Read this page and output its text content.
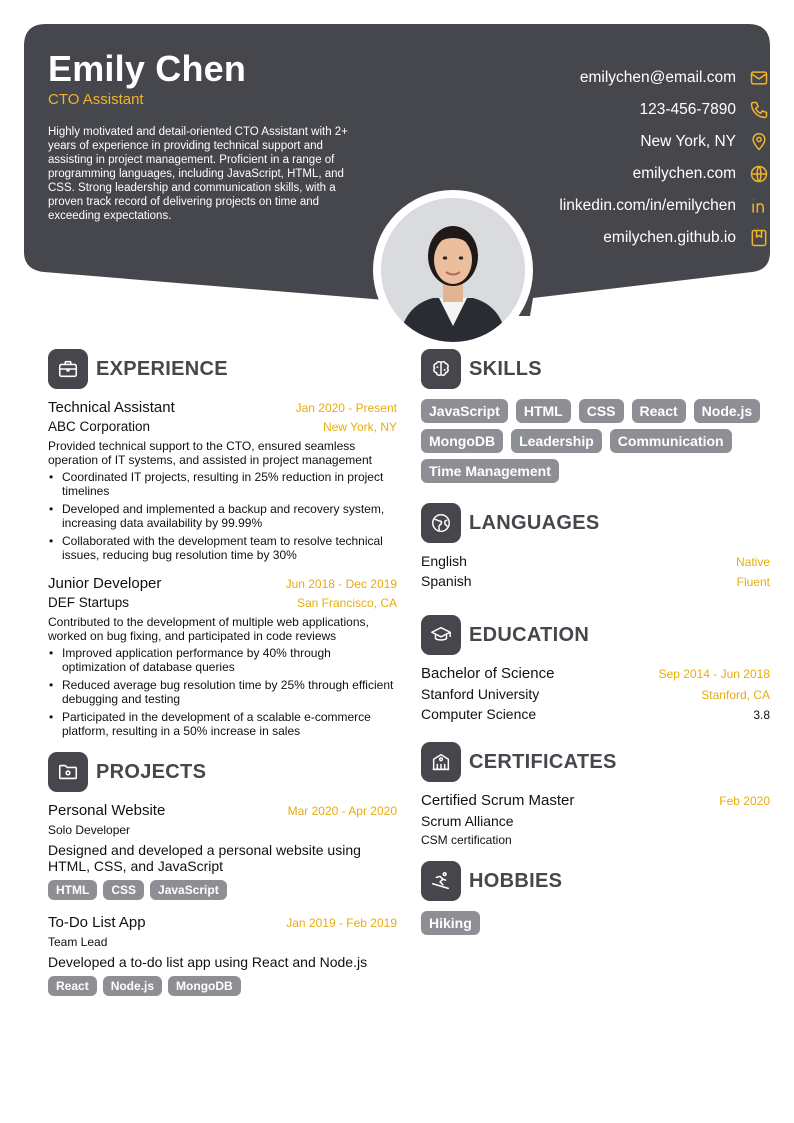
Emily Chen
CTO Assistant
Highly motivated and detail-oriented CTO Assistant with 2+ years of experience in providing technical support and assisting in project management. Proficient in a range of programming languages, including JavaScript, HTML, and CSS. Strong leadership and communication skills, with a proven track record of delivering projects on time and exceeding expectations.
emilychen@email.com
123-456-7890
New York, NY
emilychen.com
linkedin.com/in/emilychen
emilychen.github.io
EXPERIENCE
Technical Assistant	Jan 2020 - Present
ABC Corporation	New York, NY
Provided technical support to the CTO, ensured seamless operation of IT systems, and assisted in project management
• Coordinated IT projects, resulting in 25% reduction in project timelines
• Developed and implemented a backup and recovery system, increasing data availability by 99.99%
• Collaborated with the development team to resolve technical issues, reducing bug resolution time by 30%
Junior Developer	Jun 2018 - Dec 2019
DEF Startups	San Francisco, CA
Contributed to the development of multiple web applications, worked on bug fixing, and participated in code reviews
• Improved application performance by 40% through optimization of database queries
• Reduced average bug resolution time by 25% through efficient debugging and testing
• Participated in the development of a scalable e-commerce platform, resulting in a 50% increase in sales
PROJECTS
Personal Website	Mar 2020 - Apr 2020
Solo Developer
Designed and developed a personal website using HTML, CSS, and JavaScript
HTML	CSS	JavaScript
To-Do List App	Jan 2019 - Feb 2019
Team Lead
Developed a to-do list app using React and Node.js
React	Node.js	MongoDB
SKILLS
JavaScript	HTML	CSS	React	Node.js
MongoDB	Leadership	Communication
Time Management
LANGUAGES
English	Native
Spanish	Fluent
EDUCATION
Bachelor of Science	Sep 2014 - Jun 2018
Stanford University	Stanford, CA
Computer Science	3.8
CERTIFICATES
Certified Scrum Master	Feb 2020
Scrum Alliance
CSM certification
HOBBIES
Hiking
